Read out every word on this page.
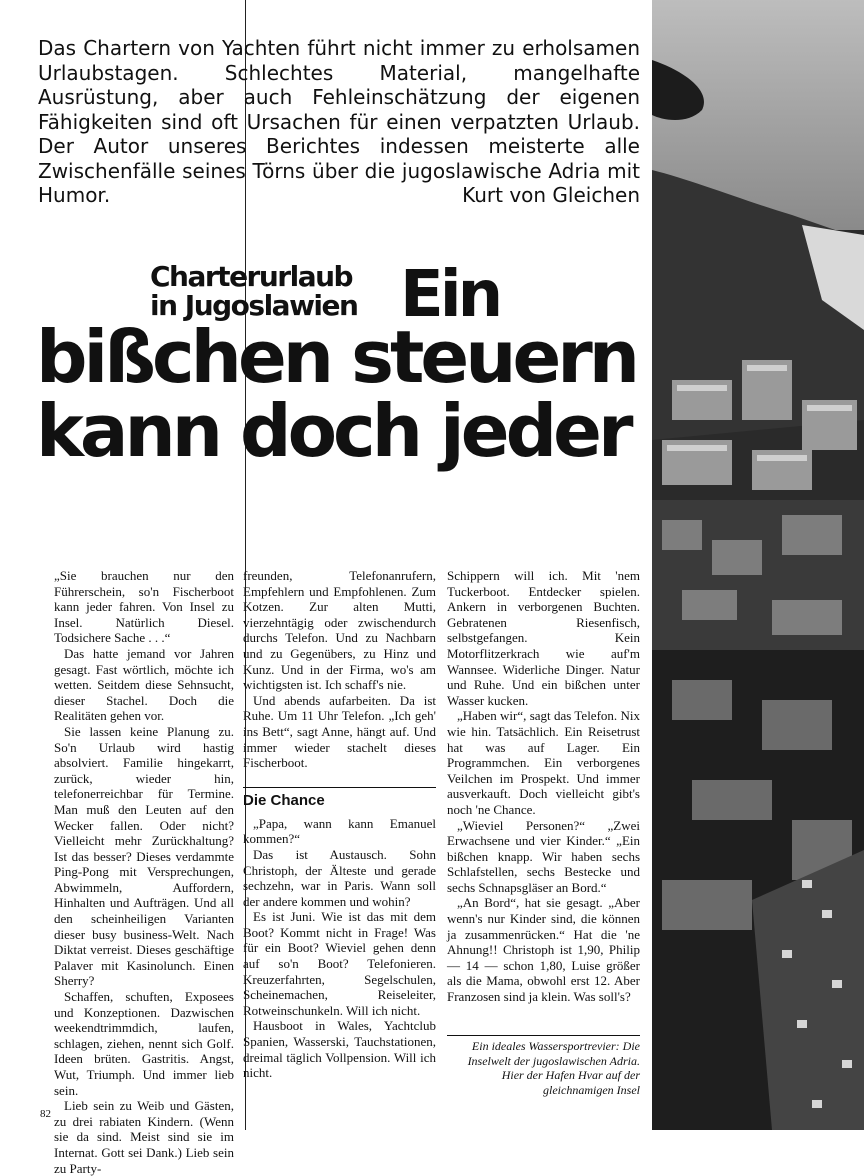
Das Chartern von Yachten führt nicht immer zu erholsamen Urlaubstagen. Schlechtes Material, mangelhafte Ausrüstung, aber auch Fehleinschätzung der eigenen Fähigkeiten sind oft Ursachen für einen verpatzten Urlaub. Der Autor unseres Berichtes indessen meisterte alle Zwischenfälle seines Törns über die jugoslawische Adria mit Humor.	Kurt von Gleichen

Charterurlaub
in Jugoslawien Ein
bißchen steuern
kann doch jeder

„Sie brauchen nur den Führerschein, so'n Fischerboot kann jeder fahren. Von Insel zu Insel. Natürlich Diesel. Todsichere Sache . . .“

Das hatte jemand vor Jahren gesagt. Fast wörtlich, möchte ich wetten. Seitdem diese Sehnsucht, dieser Stachel. Doch die Realitäten gehen vor.

Sie lassen keine Planung zu. So'n Urlaub wird hastig absolviert. Familie hingekarrt, zurück, wieder hin, telefonerreichbar für Termine. Man muß den Leuten auf den Wecker fallen. Oder nicht? Vielleicht mehr Zurückhaltung? Ist das besser? Dieses verdammte Ping-Pong mit Versprechungen, Abwimmeln, Auffordern, Hinhalten und Aufträgen. Und all den scheinheiligen Varianten dieser busy business-Welt. Nach Diktat verreist. Dieses geschäftige Palaver mit Kasinolunch. Einen Sherry?

Schaffen, schuften, Exposees und Konzeptionen. Dazwischen weekendtrimmdich, laufen, schlagen, ziehen, nennt sich Golf. Ideen brüten. Gastritis. Angst, Wut, Triumph. Und immer lieb sein.

Lieb sein zu Weib und Gästen, zu drei rabiaten Kindern. (Wenn sie da sind. Meist sind sie im Internat. Gott sei Dank.) Lieb sein zu Party-

freunden, Telefonanrufern, Empfehlern und Empfohlenen. Zum Kotzen. Zur alten Mutti, vierzehntägig oder zwischendurch durchs Telefon. Und zu Nachbarn und zu Gegenübers, zu Hinz und Kunz. Und in der Firma, wo's am wichtigsten ist. Ich schaff's nie.

Und abends aufarbeiten. Da ist Ruhe. Um 11 Uhr Telefon. „Ich geh' ins Bett“, sagt Anne, hängt auf. Und immer wieder stachelt dieses Fischerboot.

Die Chance

„Papa, wann kann Emanuel kommen?“

Das ist Austausch. Sohn Christoph, der Älteste und gerade sechzehn, war in Paris. Wann soll der andere kommen und wohin?

Es ist Juni. Wie ist das mit dem Boot? Kommt nicht in Frage! Was für ein Boot? Wieviel gehen denn auf so'n Boot? Telefonieren. Kreuzerfahrten, Segelschulen, Scheinemachen, Reiseleiter, Rotweinschunkeln. Will ich nicht.

Hausboot in Wales, Yachtclub Spanien, Wasserski, Tauchstationen, dreimal täglich Vollpension. Will ich nicht.

Schippern will ich. Mit 'nem Tuckerboot. Entdecker spielen. Ankern in verborgenen Buchten. Gebratenen Riesenfisch, selbstgefangen. Kein Motorflitzerkrach wie auf'm Wannsee. Widerliche Dinger. Natur und Ruhe. Und ein bißchen unter Wasser kucken.

„Haben wir“, sagt das Telefon. Nix wie hin. Tatsächlich. Ein Reisetrust hat was auf Lager. Ein Programmchen. Ein verborgenes Veilchen im Prospekt. Und immer ausverkauft. Doch vielleicht gibt's noch 'ne Chance.

„Wieviel Personen?“ „Zwei Erwachsene und vier Kinder.“ „Ein bißchen knapp. Wir haben sechs Schlafstellen, sechs Bestecke und sechs Schnapsgläser an Bord.“

„An Bord“, hat sie gesagt. „Aber wenn's nur Kinder sind, die können ja zusammenrücken.“ Hat die 'ne Ahnung!! Christoph ist 1,90, Philip — 14 — schon 1,80, Luise größer als die Mama, obwohl erst 12. Aber Franzosen sind ja klein. Was soll's?

Ein ideales Wassersportrevier: Die Inselwelt der jugoslawischen Adria. Hier der Hafen Hvar auf der gleichnamigen Insel
82
